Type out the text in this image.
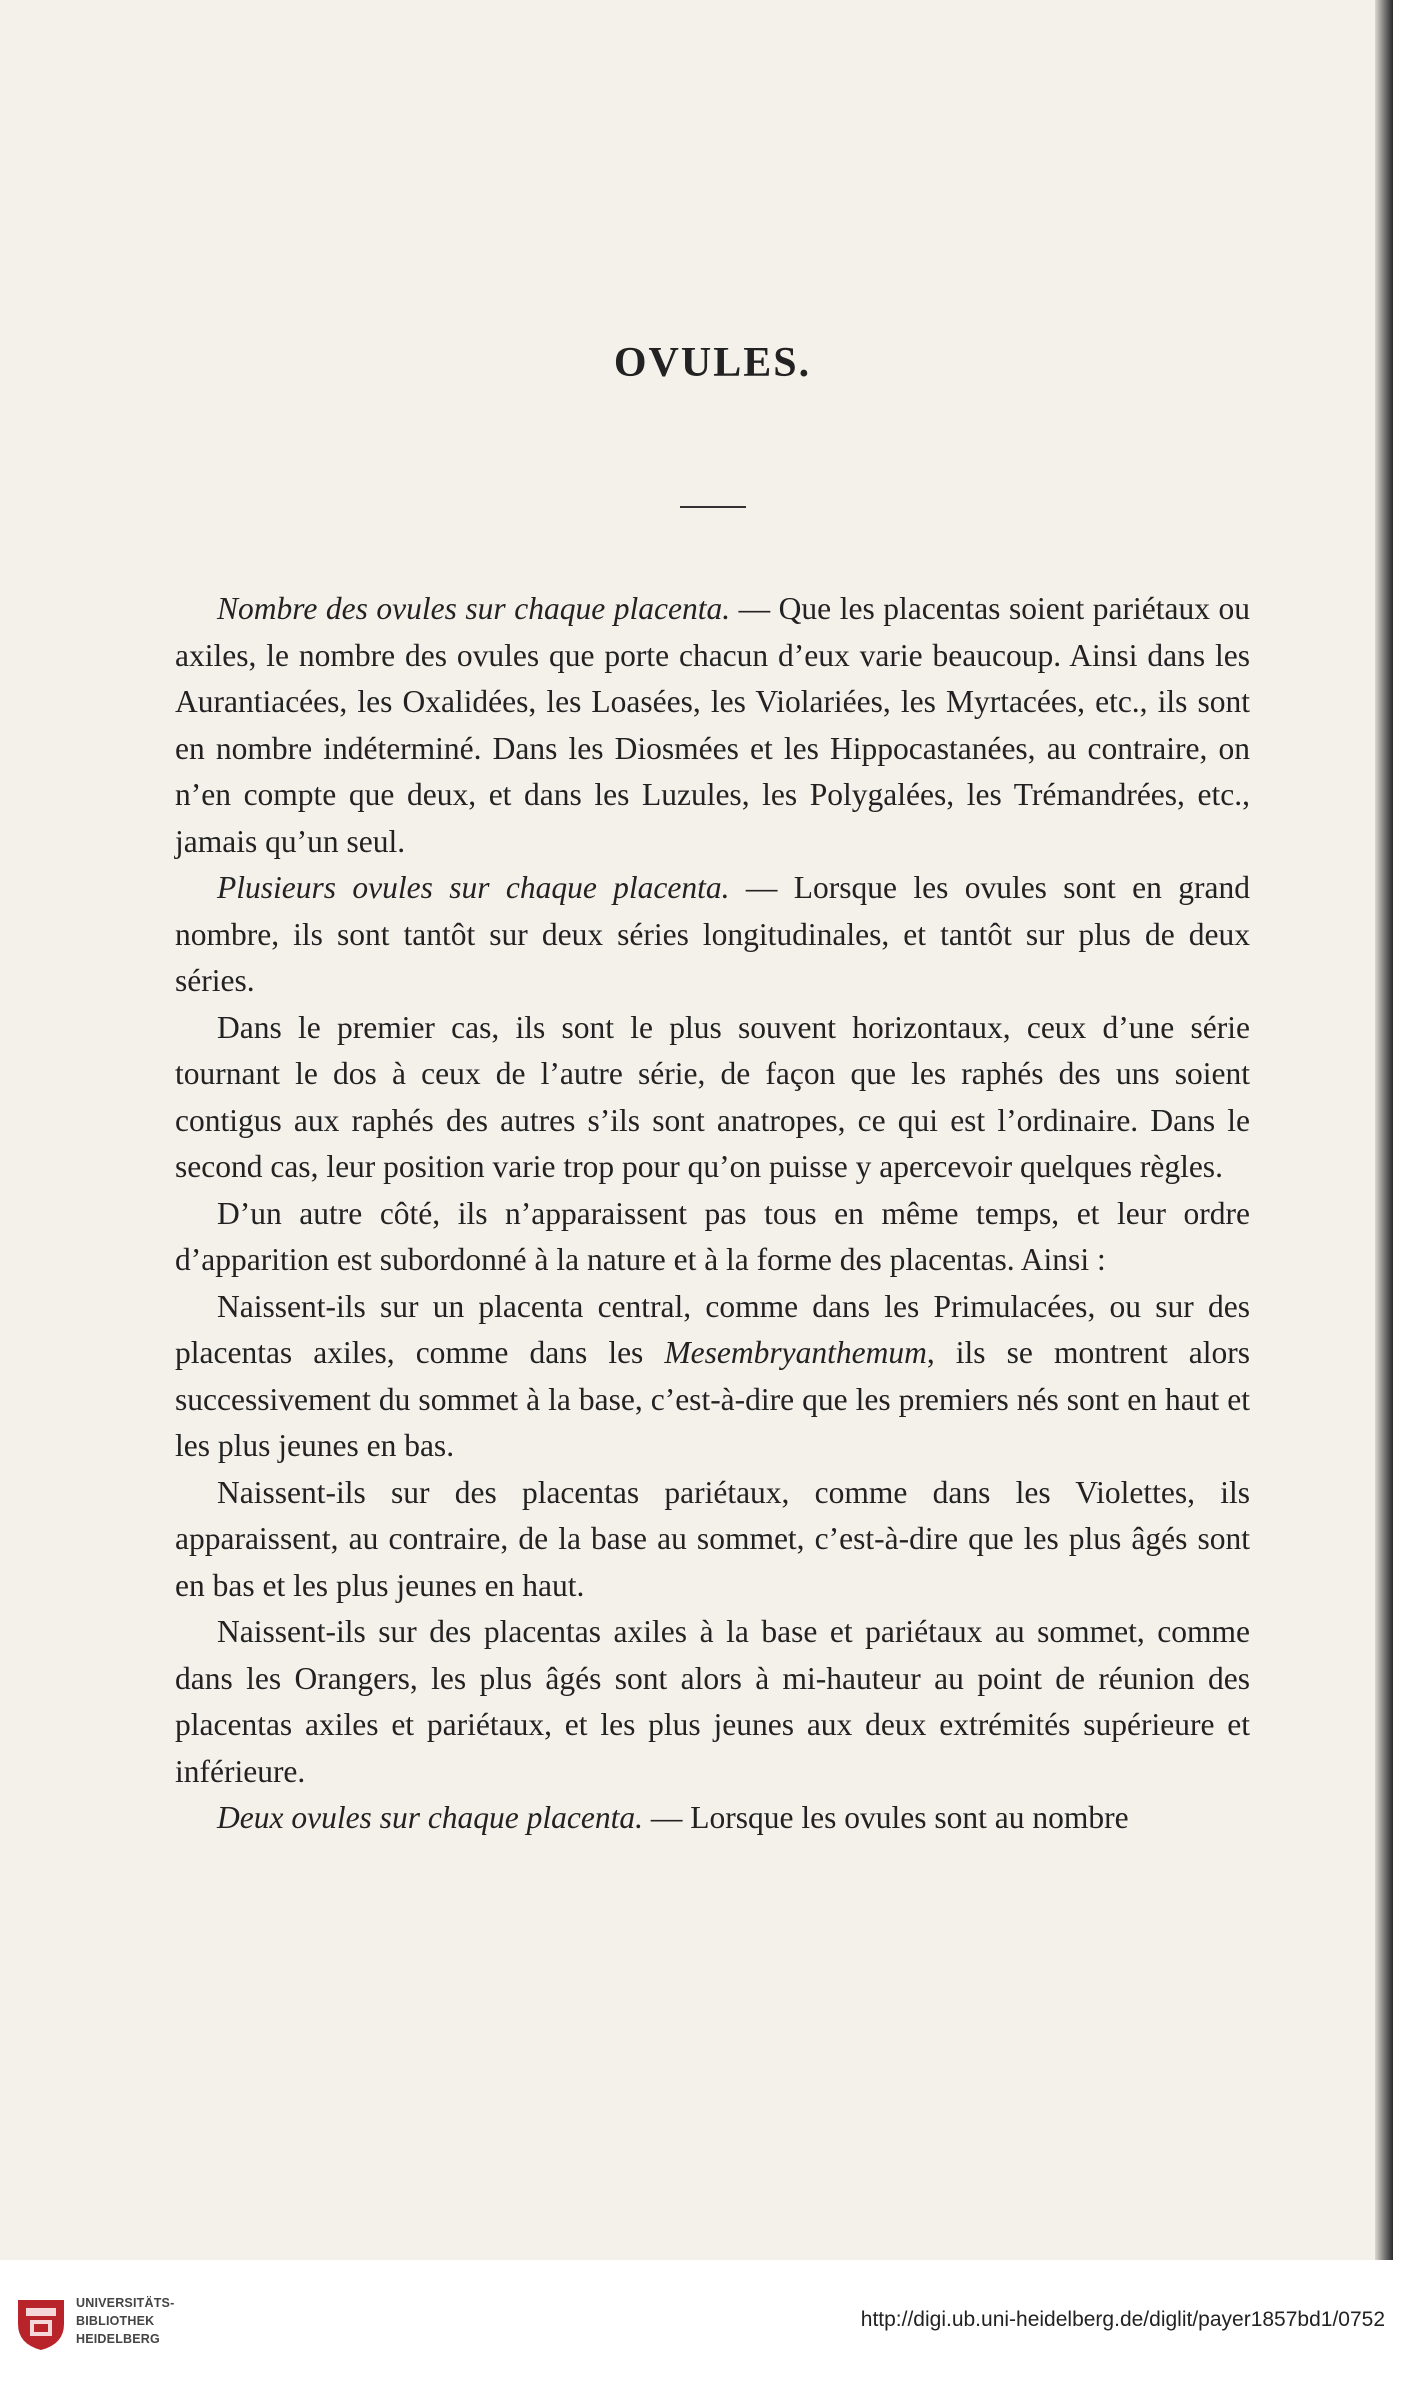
OVULES.

Nombre des ovules sur chaque placenta. — Que les placentas soient pariétaux ou axiles, le nombre des ovules que porte chacun d’eux varie beaucoup. Ainsi dans les Aurantiacées, les Oxalidées, les Loasées, les Violariées, les Myrtacées, etc., ils sont en nombre indéterminé. Dans les Diosmées et les Hippocastanées, au contraire, on n’en compte que deux, et dans les Luzules, les Polygalées, les Trémandrées, etc., jamais qu’un seul.

Plusieurs ovules sur chaque placenta. — Lorsque les ovules sont en grand nombre, ils sont tantôt sur deux séries longitudinales, et tantôt sur plus de deux séries.

Dans le premier cas, ils sont le plus souvent horizontaux, ceux d’une série tournant le dos à ceux de l’autre série, de façon que les raphés des uns soient contigus aux raphés des autres s’ils sont anatropes, ce qui est l’ordinaire. Dans le second cas, leur position varie trop pour qu’on puisse y apercevoir quelques règles.

D’un autre côté, ils n’apparaissent pas tous en même temps, et leur ordre d’apparition est subordonné à la nature et à la forme des placentas. Ainsi :

Naissent-ils sur un placenta central, comme dans les Primulacées, ou sur des placentas axiles, comme dans les Mesembryanthemum, ils se montrent alors successivement du sommet à la base, c’est-à-dire que les premiers nés sont en haut et les plus jeunes en bas.

Naissent-ils sur des placentas pariétaux, comme dans les Violettes, ils apparaissent, au contraire, de la base au sommet, c’est-à-dire que les plus âgés sont en bas et les plus jeunes en haut.

Naissent-ils sur des placentas axiles à la base et pariétaux au sommet, comme dans les Orangers, les plus âgés sont alors à mi-hauteur au point de réunion des placentas axiles et pariétaux, et les plus jeunes aux deux extrémités supérieure et inférieure.

Deux ovules sur chaque placenta. — Lorsque les ovules sont au nombre

UNIVERSITÄTS-
BIBLIOTHEK
HEIDELBERG
http://digi.ub.uni-heidelberg.de/diglit/payer1857bd1/0752
